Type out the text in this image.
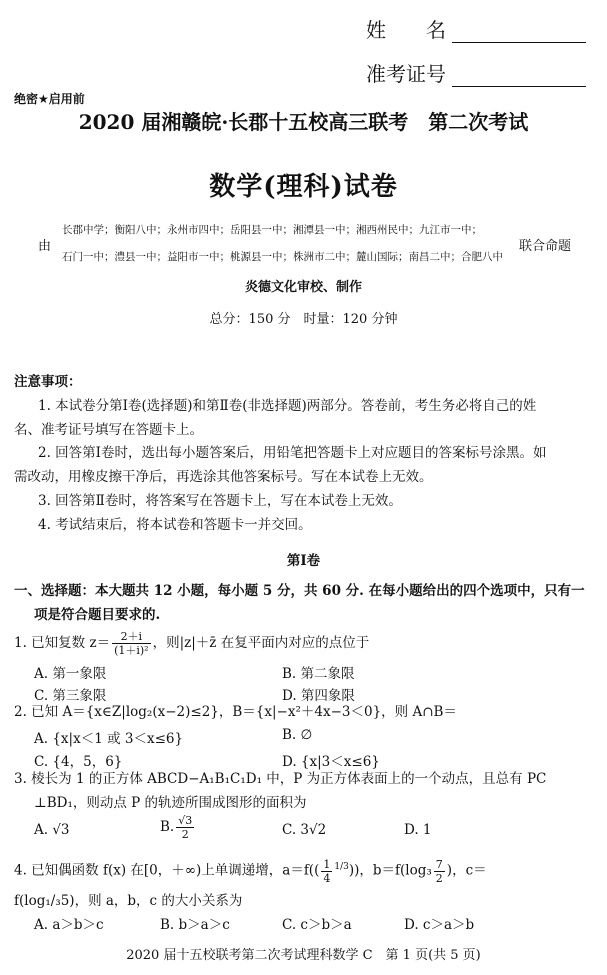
姓　　名
准考证号
绝密★启用前
2020 届湘赣皖·长郡十五校高三联考　第二次考试
数学(理科)试卷
由
长郡中学；衡阳八中；永州市四中；岳阳县一中；湘潭县一中；湘西州民中；九江市一中；
石门一中；澧县一中；益阳市一中；桃源县一中；株洲市二中；麓山国际；南昌二中；合肥八中
联合命题
炎德文化审校、制作
总分：150 分　时量：120 分钟
注意事项：
1. 本试卷分第Ⅰ卷(选择题)和第Ⅱ卷(非选择题)两部分。答卷前，考生务必将自己的姓
名、准考证号填写在答题卡上。
2. 回答第Ⅰ卷时，选出每小题答案后，用铅笔把答题卡上对应题目的答案标号涂黑。如
需改动，用橡皮擦干净后，再选涂其他答案标号。写在本试卷上无效。
3. 回答第Ⅱ卷时，将答案写在答题卡上，写在本试卷上无效。
4. 考试结束后，将本试卷和答题卡一并交回。
第Ⅰ卷
一、选择题：本大题共 12 小题，每小题 5 分，共 60 分. 在每小题给出的四个选项中，只有一
项是符合题目要求的.
1. 已知复数 $z= \frac{2+i}{\text{(1＋i)²}}$ ，则|z|＋z̄ 在复平面内对应的点位于
A. 第一象限	B. 第二象限
C. 第三象限	D. 第四象限
2. 已知 A＝{x∈Z|log₂(x−2)≤2}，B＝{x|−x²＋4x−3＜0}，则 A∩B＝
A. {x|x＜1 或 3＜x≤6}	B. ∅
C. {4，5，6}	D. {x|3＜x≤6}
3. 棱长为 1 的正方体 ABCD−A₁B₁C₁D₁ 中，P 为正方体表面上的一个动点，且总有 PC
⊥BD₁，则动点 P 的轨迹所围成图形的面积为
A. √3	B. $\frac{√3}{2}$	C. 3√2	D. 1
4. 已知偶函数 f(x) 在[0，＋∞)上单调递增，$a=f(( \frac{1}{4} ^{1/3}))$，$b=f(\log_3 \frac{7}{2}$ )，c＝
f(log₁/₃5)，则 a，b，c 的大小关系为
A. a＞b＞c	B. b＞a＞c	C. c＞b＞a	D. c＞a＞b
2020 届十五校联考第二次考试理科数学 C　第 1 页(共 5 页)
